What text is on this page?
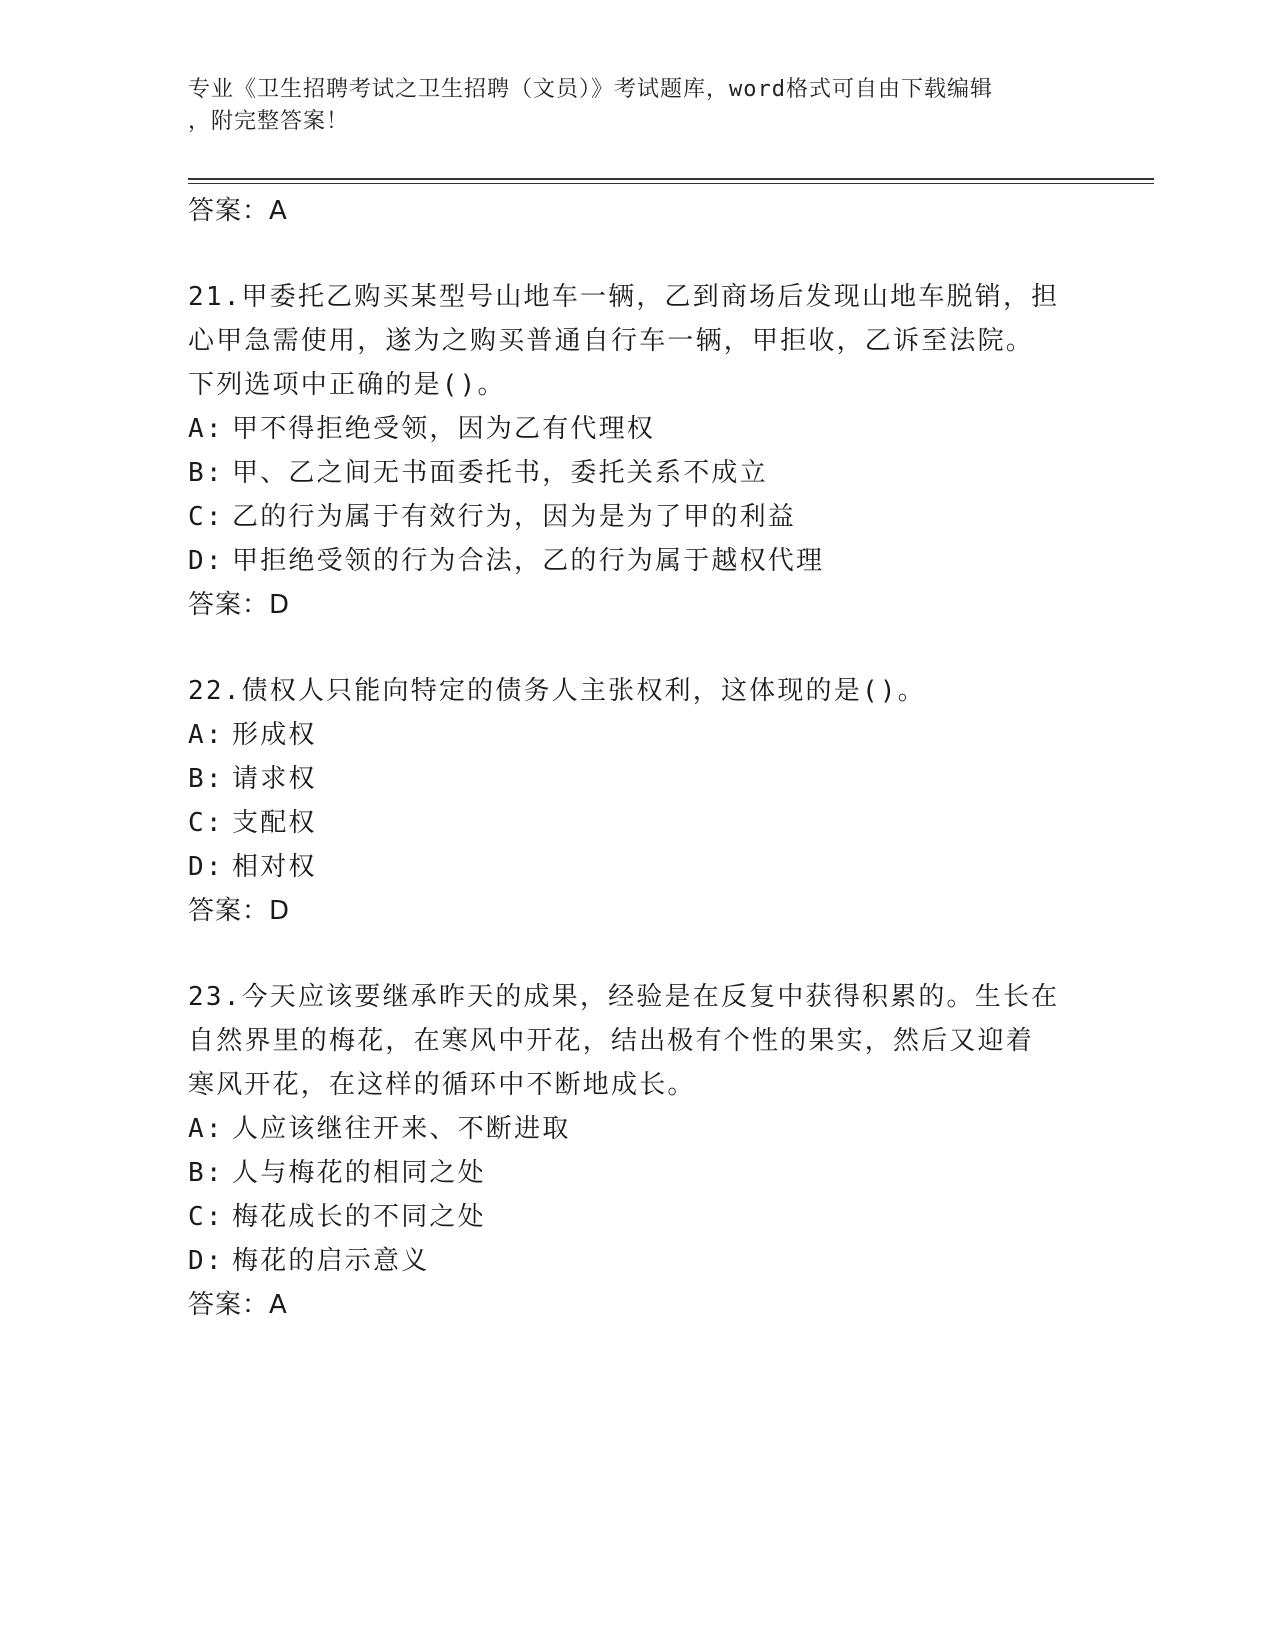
专业《卫生招聘考试之卫生招聘（文员）》考试题库，word格式可自由下载编辑
，附完整答案！
答案：A
21.甲委托乙购买某型号山地车一辆，乙到商场后发现山地车脱销，担
心甲急需使用，遂为之购买普通自行车一辆，甲拒收，乙诉至法院。
下列选项中正确的是()。
A: 甲不得拒绝受领，因为乙有代理权
B: 甲、乙之间无书面委托书，委托关系不成立
C: 乙的行为属于有效行为，因为是为了甲的利益
D: 甲拒绝受领的行为合法，乙的行为属于越权代理
答案：D
22.债权人只能向特定的债务人主张权利，这体现的是()。
A: 形成权
B: 请求权
C: 支配权
D: 相对权
答案：D
23.今天应该要继承昨天的成果，经验是在反复中获得积累的。生长在
自然界里的梅花，在寒风中开花，结出极有个性的果实，然后又迎着
寒风开花，在这样的循环中不断地成长。
A: 人应该继往开来、不断进取
B: 人与梅花的相同之处
C: 梅花成长的不同之处
D: 梅花的启示意义
答案：A
